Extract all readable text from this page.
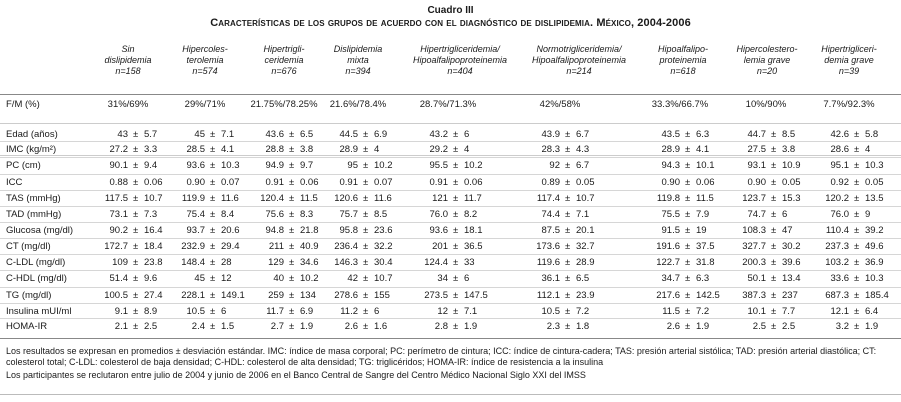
Cuadro III
Características de los grupos de acuerdo con el diagnóstico de dislipidemia. México, 2004-2006
Sin
dislipidemia
n=158
Hipercoles-
terolemia
n=574
Hipertrigli-
ceridemia
n=676
Dislipidemia
mixta
n=394
Hipertrigliceridemia/
Hipoalfalipoproteinemia
n=404
Normotrigliceridemia/
Hipoalfalipoproteinemia
n=214
Hipoalfalipo-
proteinemia
n=618
Hipercolestero-
lemia grave
n=20
Hipertrigliceri-
demia grave
n=39
F/M (%)	31%/69%	29%/71%	21.75%/78.25%	21.6%/78.4%	28.7%/71.3%	42%/58%	33.3%/66.7%	10%/90%	7.7%/92.3%
Edad (años)	43 ± 5.7	45 ± 7.1	43.6 ± 6.5	44.5 ± 6.9	43.2 ± 6	43.9 ± 6.7	43.5 ± 6.3	44.7 ± 8.5	42.6 ± 5.8
IMC (kg/m²)	27.2 ± 3.3	28.5 ± 4.1	28.8 ± 3.8	28.9 ± 4	29.2 ± 4	28.3 ± 4.3	28.9 ± 4.1	27.5 ± 3.8	28.6 ± 4
PC (cm)	90.1 ± 9.4	93.6 ± 10.3	94.9 ± 9.7	95 ± 10.2	95.5 ± 10.2	92 ± 6.7	94.3 ± 10.1	93.1 ± 10.9	95.1 ± 10.3
ICC	0.88 ± 0.06	0.90 ± 0.07	0.91 ± 0.06 0.91 ± 0.07	0.91 ± 0.06	0.89 ± 0.05	0.90 ± 0.06	0.90 ± 0.05	0.92 ± 0.05
TAS (mmHg)	117.5 ± 10.7 119.9 ± 11.6 120.4 ± 11.5 120.6 ± 11.6	121 ± 11.7	117.4 ± 10.7	119.8 ± 11.5	123.7 ± 15.3	120.2 ± 13.5
TAD (mmHg)	73.1 ± 7.3	75.4 ± 8.4	75.6 ± 8.3	75.7 ± 8.5	76.0 ± 8.2	74.4 ± 7.1	75.5 ± 7.9	74.7 ± 6	76.0 ± 9
Glucosa (mg/dl)	90.2 ± 16.4	93.7 ± 20.6	94.8 ± 21.8 95.8 ± 23.6	93.6 ± 18.1	87.5 ± 20.1	91.5 ± 19	108.3 ± 47	110.4 ± 39.2
CT (mg/dl)	172.7 ± 18.4 232.9 ± 29.4	211 ± 40.9 236.4 ± 32.2	201 ± 36.5	173.6 ± 32.7	191.6 ± 37.5	327.7 ± 30.2	237.3 ± 49.6
C-LDL (mg/dl)	109 ± 23.8 148.4 ± 28	129 ± 34.6 146.3 ± 30.4	124.4 ± 33	119.6 ± 28.9	122.7 ± 31.8	200.3 ± 39.6	103.2 ± 36.9
C-HDL (mg/dl)	51.4 ± 9.6	45 ± 12	40 ± 10.2	42 ± 10.7	34 ± 6	36.1 ± 6.5	34.7 ± 6.3	50.1 ± 13.4	33.6 ± 10.3
TG (mg/dl)	100.5 ± 27.4 228.1 ± 149.1 259 ± 134 278.6 ± 155	273.5 ± 147.5	112.1 ± 23.9	217.6 ± 142.5 387.3 ± 237	687.3 ± 185.4
Insulina mUI/ml	9.1 ± 8.9	10.5 ± 6	11.7 ± 6.9	11.2 ± 6	12 ± 7.1	10.5 ± 7.2	11.5 ± 7.2	10.1 ± 7.7	12.1 ± 6.4
HOMA-IR	2.1 ± 2.5	2.4 ± 1.5	2.7 ± 1.9	2.6 ± 1.6	2.8 ± 1.9	2.3 ± 1.8	2.6 ± 1.9	2.5 ± 2.5	3.2 ± 1.9
Los resultados se expresan en promedios ± desviación estándar. IMC: índice de masa corporal; PC: perímetro de cintura; ICC: índice de cintura-cadera; TAS: presión arterial sistólica; TAD: presión arterial diastólica; CT: colesterol total; C-LDL: colesterol de baja densidad; C-HDL: colesterol de alta densidad; TG: triglicéridos; HOMA-IR: índice de resistencia a la insulina
Los participantes se reclutaron entre julio de 2004 y junio de 2006 en el Banco Central de Sangre del Centro Médico Nacional Siglo XXI del IMSS
